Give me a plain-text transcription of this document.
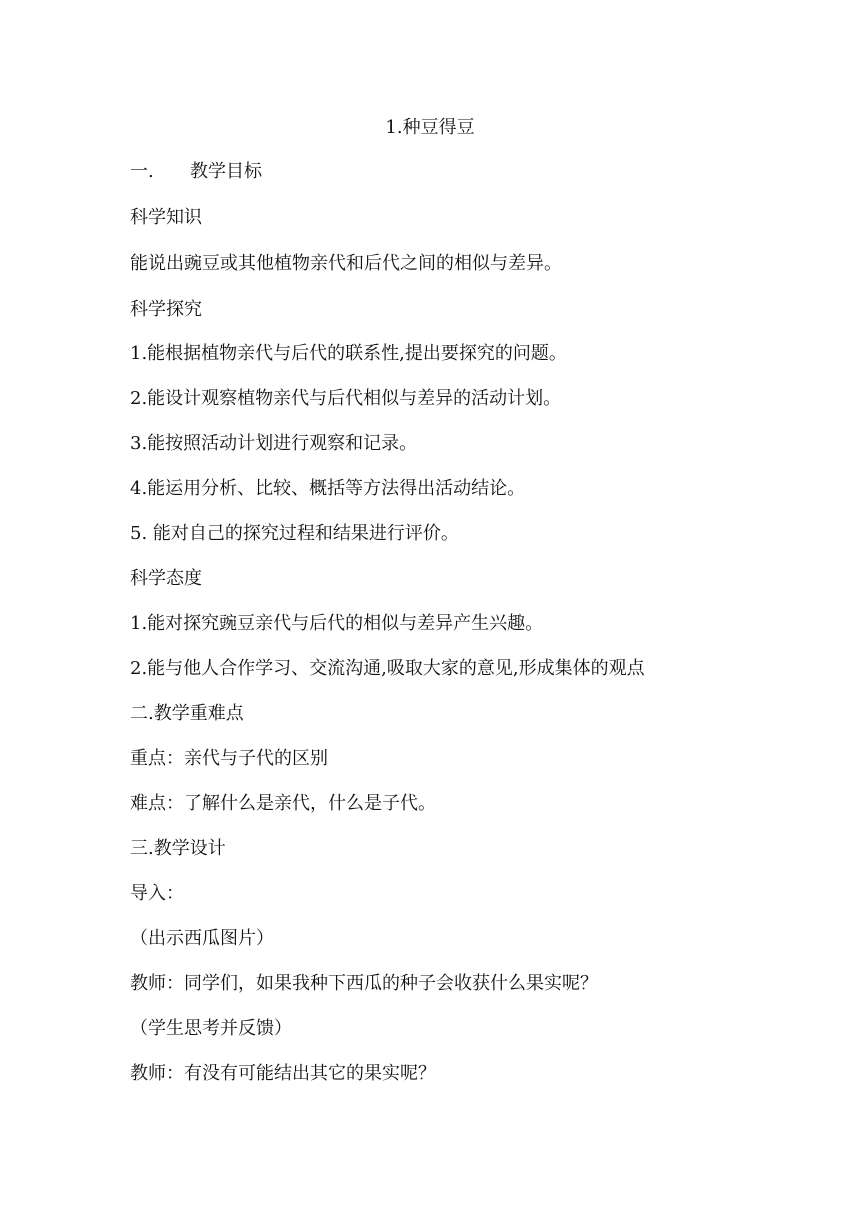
1.种豆得豆
一. 教学目标
科学知识
能说出豌豆或其他植物亲代和后代之间的相似与差异。
科学探究
1.能根据植物亲代与后代的联系性,提出要探究的问题。
2.能设计观察植物亲代与后代相似与差异的活动计划。
3.能按照活动计划进行观察和记录。
4.能运用分析、比较、概括等方法得出活动结论。
5. 能对自己的探究过程和结果进行评价。
科学态度
1.能对探究豌豆亲代与后代的相似与差异产生兴趣。
2.能与他人合作学习、交流沟通,吸取大家的意见,形成集体的观点
二.教学重难点
重点：亲代与子代的区别
难点：了解什么是亲代，什么是子代。
三.教学设计
导入：
（出示西瓜图片）
教师：同学们，如果我种下西瓜的种子会收获什么果实呢？
（学生思考并反馈）
教师：有没有可能结出其它的果实呢？
